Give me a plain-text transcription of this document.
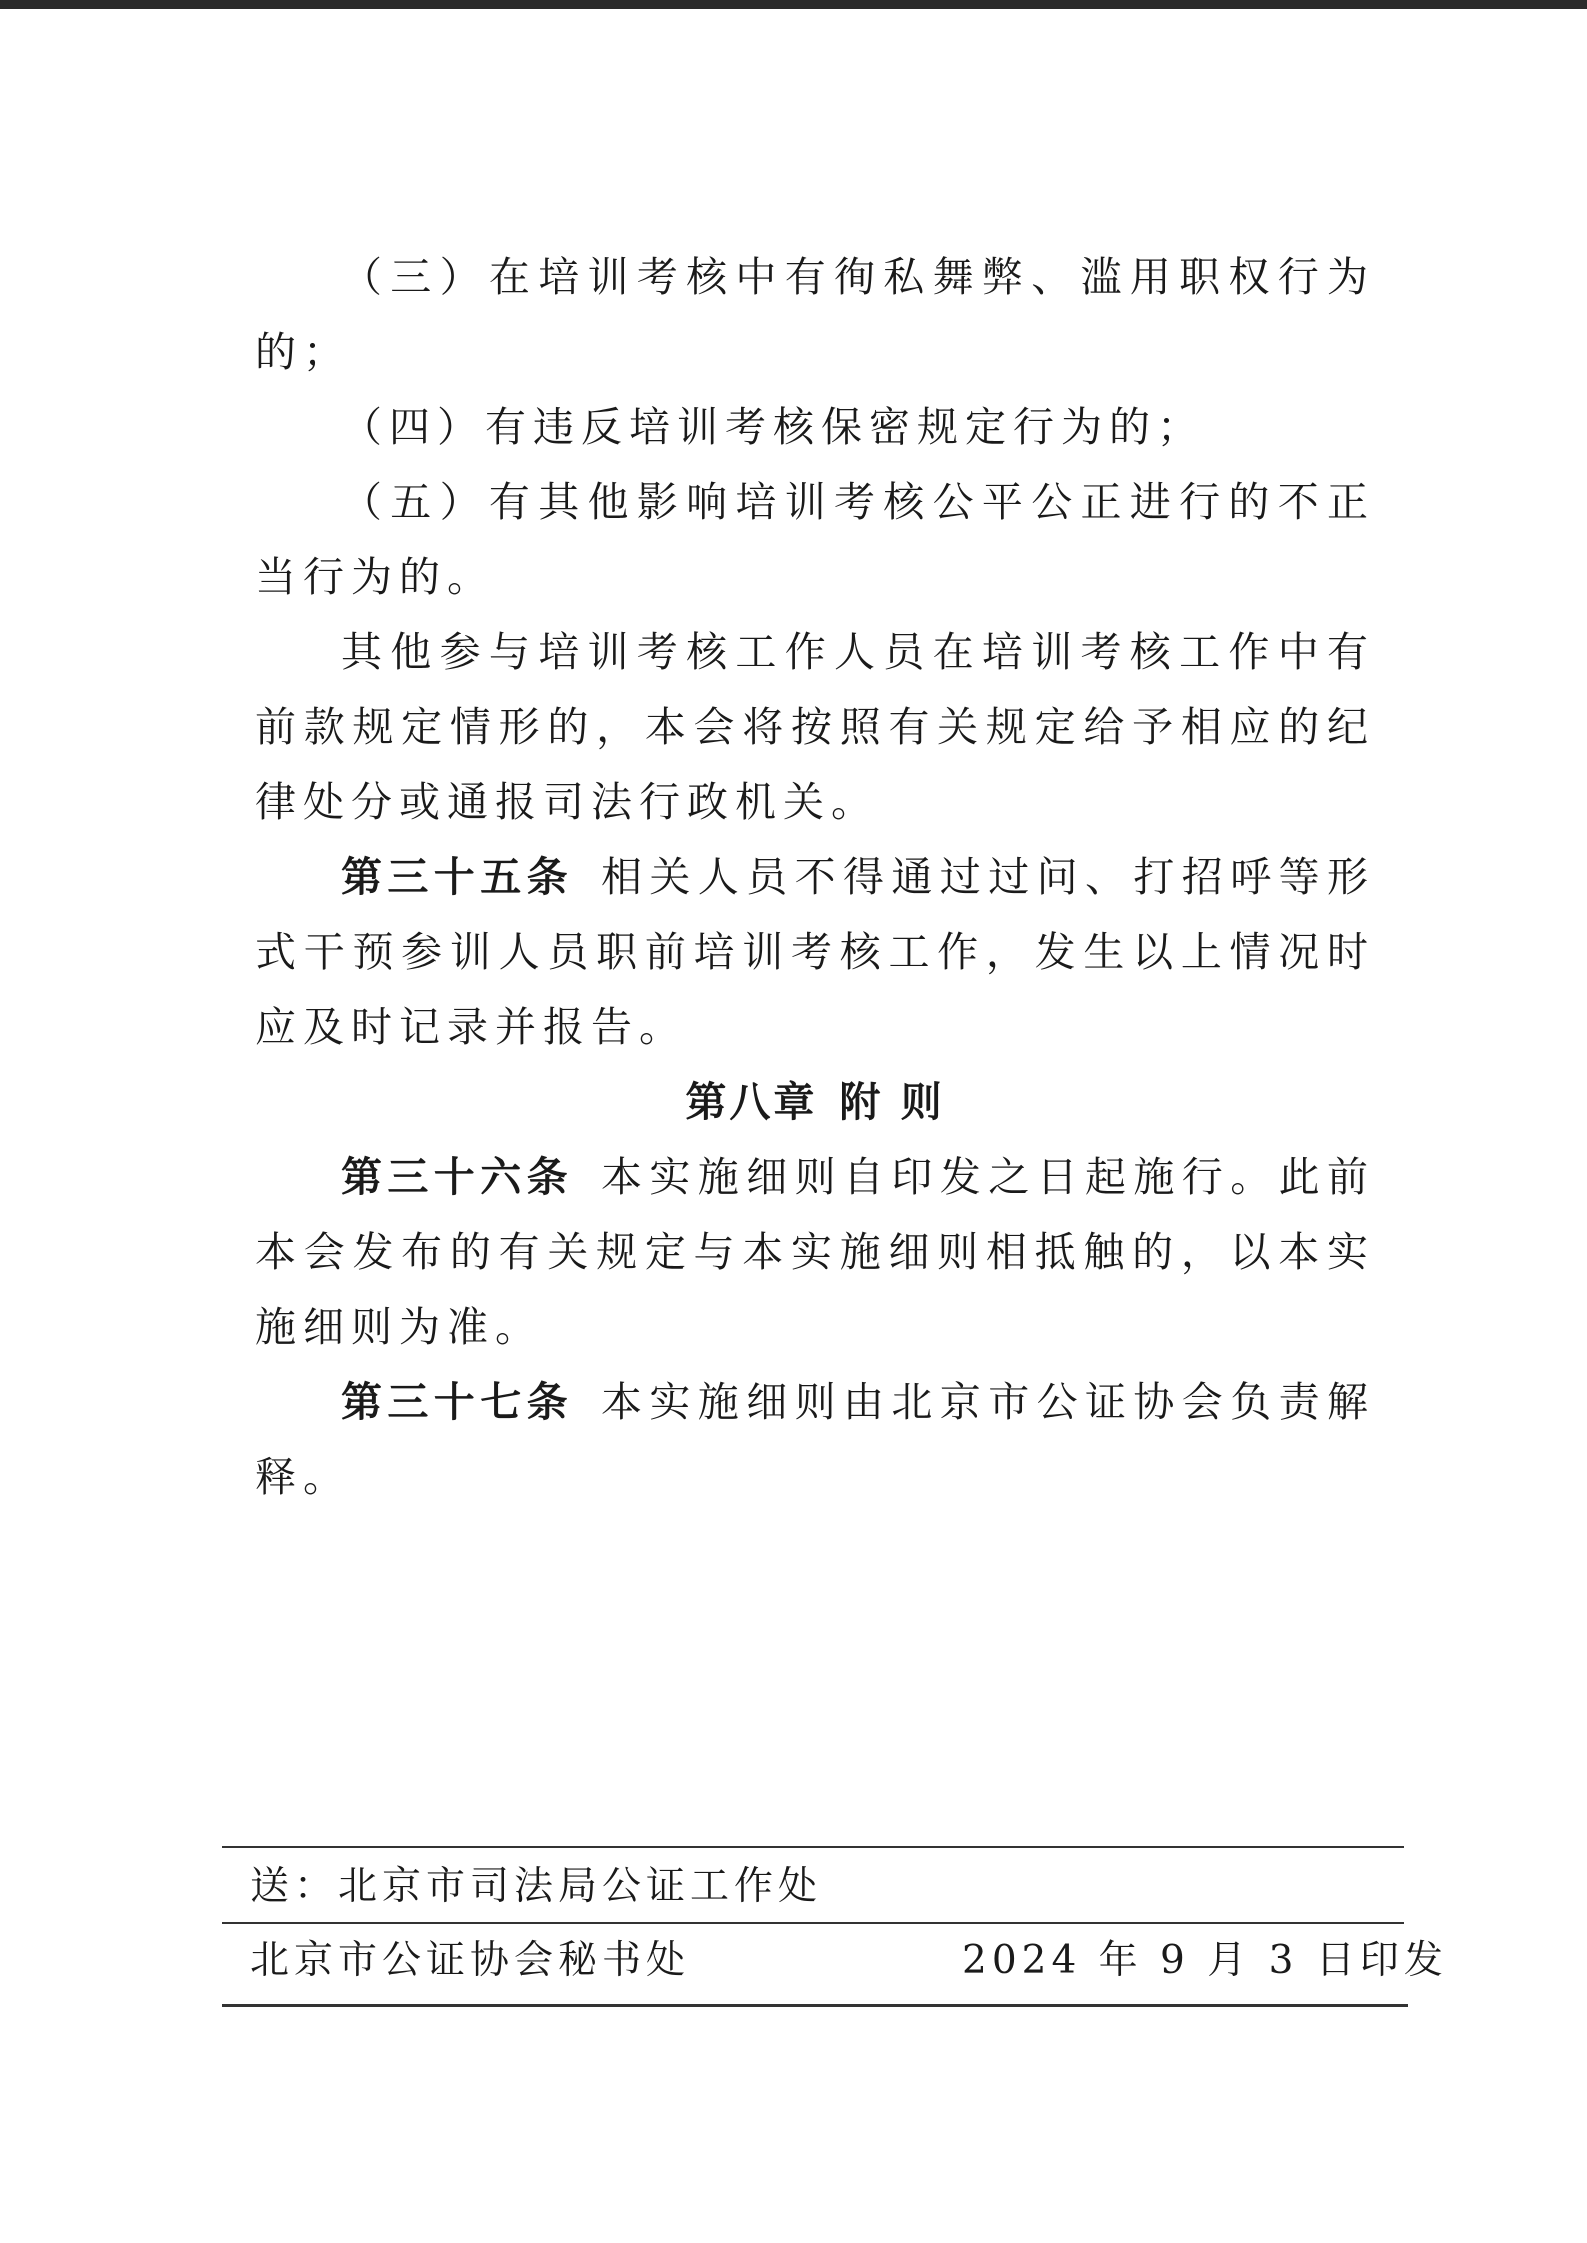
（三）在培训考核中有徇私舞弊、滥用职权行为的；

（四）有违反培训考核保密规定行为的；

（五）有其他影响培训考核公平公正进行的不正当行为的。

其他参与培训考核工作人员在培训考核工作中有前款规定情形的，本会将按照有关规定给予相应的纪律处分或通报司法行政机关。

第三十五条 相关人员不得通过过问、打招呼等形式干预参训人员职前培训考核工作，发生以上情况时应及时记录并报告。

第八章 附 则

第三十六条 本实施细则自印发之日起施行。此前本会发布的有关规定与本实施细则相抵触的，以本实施细则为准。

第三十七条 本实施细则由北京市公证协会负责解释。

送：北京市司法局公证工作处
北京市公证协会秘书处	2024 年 9 月 3 日印发
